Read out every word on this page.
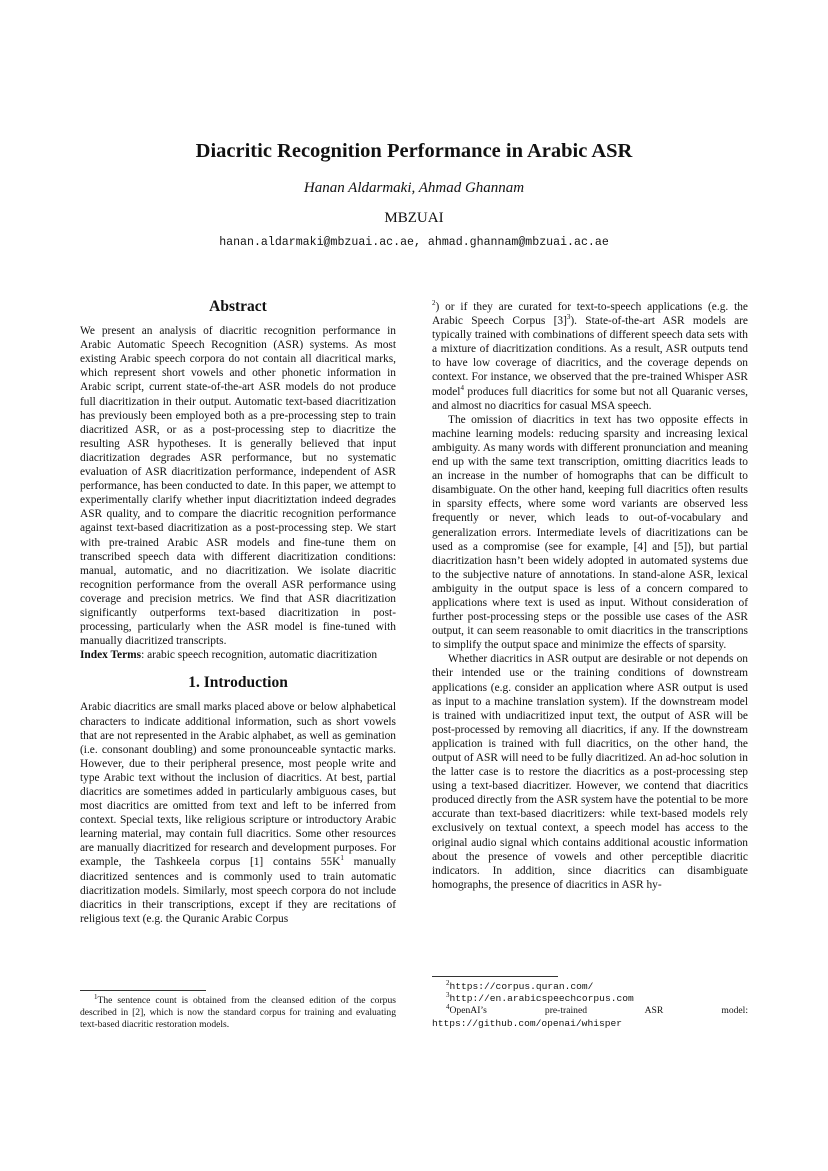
Diacritic Recognition Performance in Arabic ASR
Hanan Aldarmaki, Ahmad Ghannam
MBZUAI
hanan.aldarmaki@mbzuai.ac.ae, ahmad.ghannam@mbzuai.ac.ae
Abstract

We present an analysis of diacritic recognition performance in Arabic Automatic Speech Recognition (ASR) systems. As most existing Arabic speech corpora do not contain all diacritical marks, which represent short vowels and other phonetic information in Arabic script, current state-of-the-art ASR models do not produce full diacritization in their output. Automatic text-based diacritization has previously been employed both as a pre-processing step to train diacritized ASR, or as a post-processing step to diacritize the resulting ASR hypotheses. It is generally believed that input diacritization degrades ASR performance, but no systematic evaluation of ASR diacritization performance, independent of ASR performance, has been conducted to date. In this paper, we attempt to experimentally clarify whether input diacritiztation indeed degrades ASR quality, and to compare the diacritic recognition performance against text-based diacritization as a post-processing step. We start with pre-trained Arabic ASR models and fine-tune them on transcribed speech data with different diacritization conditions: manual, automatic, and no diacritization. We isolate diacritic recognition performance from the overall ASR performance using coverage and precision metrics. We find that ASR diacritization significantly outperforms text-based diacritization in post-processing, particularly when the ASR model is fine-tuned with manually diacritized transcripts.

Index Terms: arabic speech recognition, automatic diacritization

1. Introduction

Arabic diacritics are small marks placed above or below alphabetical characters to indicate additional information, such as short vowels that are not represented in the Arabic alphabet, as well as gemination (i.e. consonant doubling) and some pronounceable syntactic marks. However, due to their peripheral presence, most people write and type Arabic text without the inclusion of diacritics. At best, partial diacritics are sometimes added in particularly ambiguous cases, but most diacritics are omitted from text and left to be inferred from context. Special texts, like religious scripture or introductory Arabic learning material, may contain full diacritics. Some other resources are manually diacritized for research and development purposes. For example, the Tashkeela corpus [1] contains $55K^1$ manually diacritized sentences and is commonly used to train automatic diacritization models. Similarly, most speech corpora do not include diacritics in their transcriptions, except if they are recitations of religious text (e.g. the Quranic Arabic Corpus

$^2$) or if they are curated for text-to-speech applications (e.g. the Arabic Speech Corpus $[3]^3$). State-of-the-art ASR models are typically trained with combinations of different speech data sets with a mixture of diacritization conditions. As a result, ASR outputs tend to have low coverage of diacritics, and the coverage depends on context. For instance, we observed that the pre-trained Whisper ASR model$^4$ produces full diacritics for some but not all Quaranic verses, and almost no diacritics for casual MSA speech.

The omission of diacritics in text has two opposite effects in machine learning models: reducing sparsity and increasing lexical ambiguity. As many words with different pronunciation and meaning end up with the same text transcription, omitting diacritics leads to an increase in the number of homographs that can be difficult to disambiguate. On the other hand, keeping full diacritics often results in sparsity effects, where some word variants are observed less frequently or never, which leads to out-of-vocabulary and generalization errors. Intermediate levels of diacritizations can be used as a compromise (see for example, [4] and [5]), but partial diacritization hasn’t been widely adopted in automated systems due to the subjective nature of annotations. In stand-alone ASR, lexical ambiguity in the output space is less of a concern compared to applications where text is used as input. Without consideration of further post-processing steps or the possible use cases of the ASR output, it can seem reasonable to omit diacritics in the transcriptions to simplify the output space and minimize the effects of sparsity.

Whether diacritics in ASR output are desirable or not depends on their intended use or the training conditions of downstream applications (e.g. consider an application where ASR output is used as input to a machine translation system). If the downstream model is trained with undiacritized input text, the output of ASR will be post-processed by removing all diacritics, if any. If the downstream application is trained with full diacritics, on the other hand, the output of ASR will need to be fully diacritized. An ad-hoc solution in the latter case is to restore the diacritics as a post-processing step using a text-based diacritizer. However, we contend that diacritics produced directly from the ASR system have the potential to be more accurate than text-based diacritizers: while text-based models rely exclusively on textual context, a speech model has access to the original audio signal which contains additional acoustic information about the presence of vowels and other perceptible diacritic indicators. In addition, since diacritics can disambiguate homographs, the presence of diacritics in ASR hy-

$^1$The sentence count is obtained from the cleansed edition of the corpus described in [2], which is now the standard corpus for training and evaluating text-based diacritic restoration models.

$^2$https://corpus.quran.com/

$^3$http://en.arabicspeechcorpus.com

$^4$OpenAI’s pre-trained ASR model: https://github.com/openai/whisper
